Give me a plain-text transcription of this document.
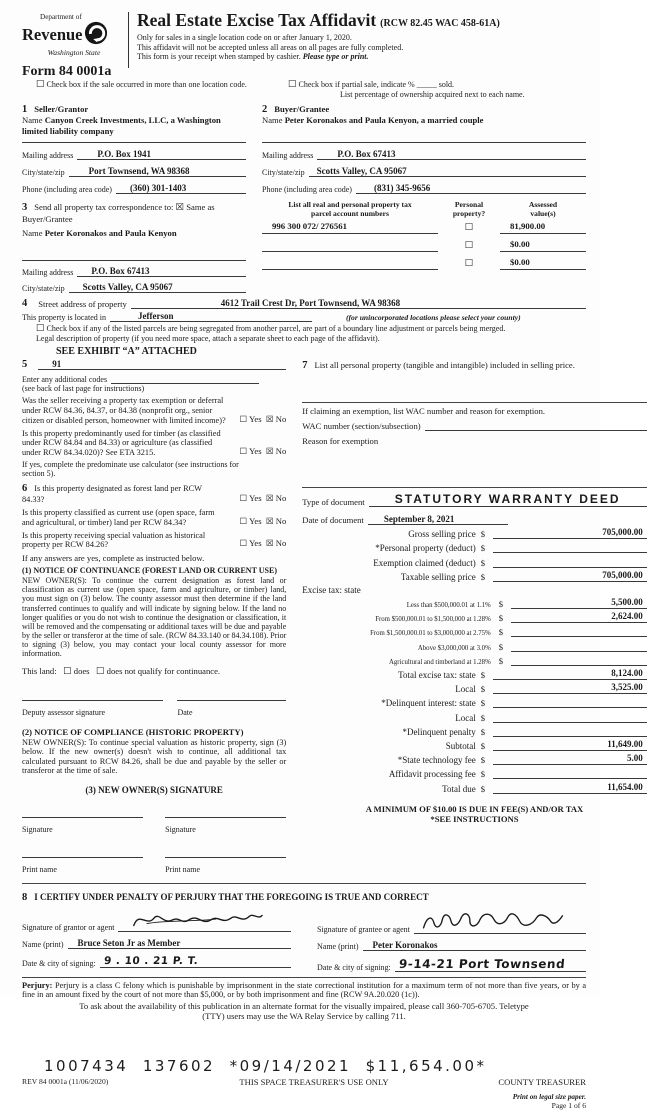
Department of
Revenue
Washington State
Form 84 0001a
Real Estate Excise Tax Affidavit (RCW 82.45 WAC 458-61A)
Only for sales in a single location code on or after January 1, 2020.
This affidavit will not be accepted unless all areas on all pages are fully completed.
This form is your receipt when stamped by cashier. Please type or print.
☐ Check box if the sale occurred in more than one location code.	☐ Check box if partial sale, indicate % _____ sold.
List percentage of ownership acquired next to each name.
1 Seller/Grantor
Name Canyon Creek Investments, LLC, a Washington limited liability company
Mailing address	P.O. Box 1941
City/state/zip	Port Townsend, WA 98368
Phone (including area code)	(360) 301-1403
3 Send all property tax correspondence to: ☒ Same as Buyer/Grantee
Name Peter Koronakos and Paula Kenyon
Mailing address	P.O. Box 67413
City/state/zip	Scotts Valley, CA 95067
2 Buyer/Grantee
Name Peter Koronakos and Paula Kenyon, a married couple
Mailing address	P.O. Box 67413
City/state/zip	Scotts Valley, CA 95067
Phone (including area code)	(831) 345-9656
List all real and personal property tax
parcel account numbers
Personal
property?
Assessed
value(s)
996 300 072/ 276561	☐	81,900.00
☐	$0.00
☐	$0.00
4 Street address of property	4612 Trail Crest Dr, Port Townsend, WA 98368
This property is located in	Jefferson	(for unincorporated locations please select your county)
☐ Check box if any of the listed parcels are being segregated from another parcel, are part of a boundary line adjustment or parcels being merged.
Legal description of property (if you need more space, attach a separate sheet to each page of the affidavit).
SEE EXHIBIT “A” ATTACHED
5	91
Enter any additional codes
(see back of last page for instructions)
Was the seller receiving a property tax exemption or deferral under RCW 84.36, 84.37, or 84.38 (nonprofit org., senior citizen or disabled person, homeowner with limited income)? ☐ Yes  ☒ No
Is this property predominantly used for timber (as classified under RCW 84.84 and 84.33) or agriculture (as classified under RCW 84.34.020)? See ETA 3215.	☐ Yes  ☒ No
If yes, complete the predominate use calculator (see instructions for section 5).
6 Is this property designated as forest land per RCW 84.33?	☐ Yes  ☒ No
Is this property classified as current use (open space, farm and agricultural, or timber) land per RCW 84.34?	☐ Yes  ☒ No
Is this property receiving special valuation as historical property per RCW 84.26?	☐ Yes  ☒ No
If any answers are yes, complete as instructed below.
(1) NOTICE OF CONTINUANCE (FOREST LAND OR CURRENT USE)
NEW OWNER(S): To continue the current designation as forest land or classification as current use (open space, farm and agriculture, or timber) land, you must sign on (3) below. The county assessor must then determine if the land transferred continues to qualify and will indicate by signing below. If the land no longer qualifies or you do not wish to continue the designation or classification, it will be removed and the compensating or additional taxes will be due and payable by the seller or transferor at the time of sale. (RCW 84.33.140 or 84.34.108). Prior to signing (3) below, you may contact your local county assessor for more information.
This land: ☐ does ☐ does not qualify for continuance.
Deputy assessor signature	Date
(2) NOTICE OF COMPLIANCE (HISTORIC PROPERTY)
NEW OWNER(S): To continue special valuation as historic property, sign (3) below. If the new owner(s) doesn't wish to continue, all additional tax calculated pursuant to RCW 84.26, shall be due and payable by the seller or transferor at the time of sale.
(3) NEW OWNER(S) SIGNATURE
Signature	Signature
Print name	Print name
7 List all personal property (tangible and intangible) included in selling price.
If claiming an exemption, list WAC number and reason for exemption.
WAC number (section/subsection)
Reason for exemption
Type of document	STATUTORY WARRANTY DEED
Date of document	September 8, 2021
Gross selling price $	705,000.00
*Personal property (deduct) $
Exemption claimed (deduct) $
Taxable selling price $	705,000.00
Excise tax: state
Less than $500,000.01 at 1.1% $	5,500.00
From $500,000.01 to $1,500,000 at 1.28% $	2,624.00
From $1,500,000.01 to $3,000,000 at 2.75% $
Above $3,000,000 at 3.0% $
Agricultural and timberland at 1.28% $
Total excise tax: state $	8,124.00
Local $	3,525.00
*Delinquent interest: state $
Local $
*Delinquent penalty $
Subtotal $	11,649.00
*State technology fee $	5.00
Affidavit processing fee $
Total due $	11,654.00
A MINIMUM OF $10.00 IS DUE IN FEE(S) AND/OR TAX
*SEE INSTRUCTIONS
8 I CERTIFY UNDER PENALTY OF PERJURY THAT THE FOREGOING IS TRUE AND CORRECT
Signature of grantor or agent
Name (print)	Bruce Seton Jr as Member
Date & city of signing: 9 . 10 . 21 P. T.
Signature of grantee or agent
Name (print)	Peter Koronakos
Date & city of signing: 9-14-21 Port Townsend

Perjury: Perjury is a class C felony which is punishable by imprisonment in the state correctional institution for a maximum term of not more than five years, or by a fine in an amount fixed by the court of not more than $5,000, or by both imprisonment and fine (RCW 9A.20.020 (1c)).

To ask about the availability of this publication in an alternate format for the visually impaired, please call 360-705-6705. Teletype
(TTY) users may use the WA Relay Service by calling 711.
1007434  137602  *09/14/2021  $11,654.00*
REV 84 0001a (11/06/2020)	THIS SPACE TREASURER'S USE ONLY	COUNTY TREASURER
Print on legal size paper.
Page 1 of 6
